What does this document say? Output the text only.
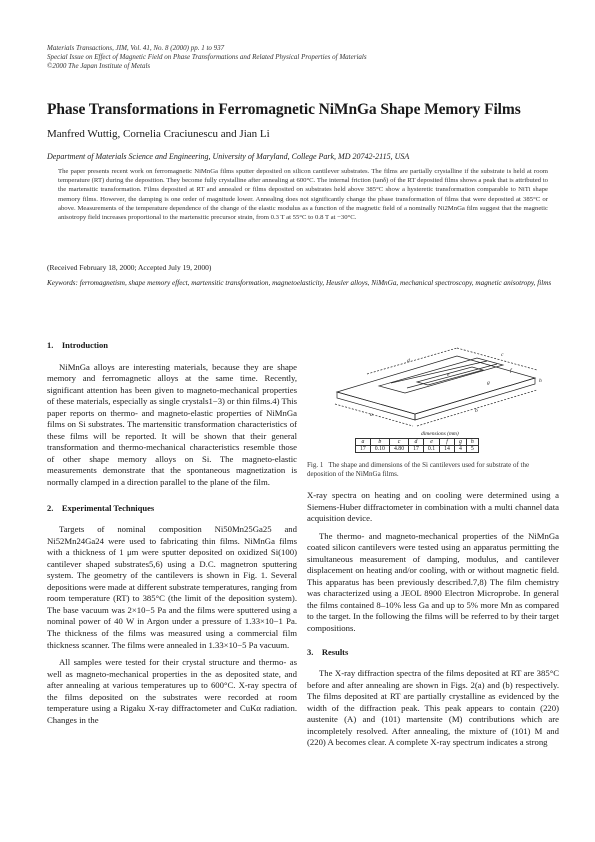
Materials Transactions, JIM, Vol. 41, No. 8 (2000) pp. 1 to 937
Special Issue on Effect of Magnetic Field on Phase Transformations and Related Physical Properties of Materials
©2000 The Japan Institute of Metals
Phase Transformations in Ferromagnetic NiMnGa Shape Memory Films
Manfred Wuttig, Cornelia Craciunescu and Jian Li
Department of Materials Science and Engineering, University of Maryland, College Park, MD 20742-2115, USA
The paper presents recent work on ferromagnetic NiMnGa films sputter deposited on silicon cantilever substrates. The films are partially crystalline if the substrate is held at room temperature (RT) during the deposition. They become fully crystalline after annealing at 600°C. The internal friction (tanδ) of the RT deposited films shows a peak that is attributed to the martensitic transformation. Films deposited at RT and annealed or films deposited on substrates held above 385°C show a hysteretic transformation comparable to NiTi shape memory films. However, the damping is one order of magnitude lower. Annealing does not significantly change the phase transformation of films that were deposited at 385°C or above. Measurements of the temperature dependence of the change of the elastic modulus as a function of the magnetic field of a nominally Ni2MnGa film suggest that the magnetic anisotropy field increases proportional to the martensitic precursor strain, from 0.3 T at 55°C to 0.8 T at −30°C.
(Received February 18, 2000; Accepted July 19, 2000)
Keywords: ferromagnetism, shape memory effect, martensitic transformation, magnetoelasticity, Heusler alloys, NiMnGa, mechanical spectroscopy, magnetic anisotropy, films
1. Introduction

NiMnGa alloys are interesting materials, because they are shape memory and ferromagnetic alloys at the same time. Recently, significant attention has been given to magneto-mechanical properties of these materials, especially as single crystals1−3) or thin films.4) This paper reports on thermo- and magneto-elastic properties of NiMnGa films on Si substrates. The martensitic transformation characteristics of these films will be reported. It will be shown that their general transformation and thermo-mechanical characteristics resemble those of other shape memory alloys on Si. The magneto-elastic measurements demonstrate that the spontaneous magnetization is normally clamped in a direction parallel to the plane of the film.

2. Experimental Techniques

Targets of nominal composition Ni50Mn25Ga25 and Ni52Mn24Ga24 were used to fabricating thin films. NiMnGa films with a thickness of 1 μm were sputter deposited on oxidized Si(100) cantilever shaped substrates5,6) using a D.C. magnetron sputtering system. The geometry of the cantilevers is shown in Fig. 1. Several depositions were made at different substrate temperatures, ranging from room temperature (RT) to 385°C (the limit of the deposition system). The base vacuum was 2×10−5 Pa and the films were sputtered using a nominal power of 40 W in Argon under a pressure of 1.33×10−1 Pa. The thickness of the films was measured using a commercial film thickness scanner. The films were annealed in 1.33×10−5 Pa vacuum.

All samples were tested for their crystal structure and thermo- as well as magneto-mechanical properties in the as deposited state, and after annealing at various temperatures up to 600°C. X-ray spectra of the films deposited on the substrates were recorded at room temperature using a Rigaku X-ray diffractometer and CuKα radiation. Changes in the

a
b
c
d
e
f
g	h
dimensions (mm)
a	b	c	d	e	f	g	h
17	0.10	4.80	17	0.1	14	4	5
Fig. 1 The shape and dimensions of the Si cantilevers used for substrate of the deposition of the NiMnGa films.

X-ray spectra on heating and on cooling were determined using a Siemens-Huber diffractometer in combination with a multi channel data acquisition device.

The thermo- and magneto-mechanical properties of the NiMnGa coated silicon cantilevers were tested using an apparatus permitting the simultaneous measurement of damping, modulus, and cantilever displacement on heating and/or cooling, with or without magnetic field. This apparatus has been previously described.7,8) The film chemistry was characterized using a JEOL 8900 Electron Microprobe. In general the films contained 8–10% less Ga and up to 5% more Mn as compared to the target. In the following the films will be referred to by their target compositions.

3. Results

The X-ray diffraction spectra of the films deposited at RT are 385°C before and after annealing are shown in Figs. 2(a) and (b) respectively. The films deposited at RT are partially crystalline as evidenced by the width of the diffraction peak. This peak appears to contain (220) austenite (A) and (101) martensite (M) contributions which are incompletely resolved. After annealing, the mixture of (101) M and (220) A becomes clear. A complete X-ray spectrum indicates a strong
